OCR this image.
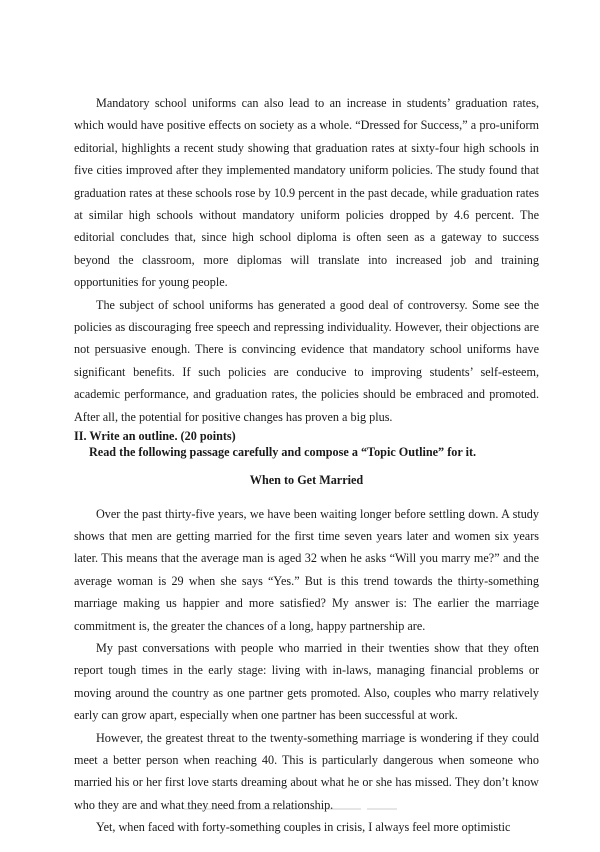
Mandatory school uniforms can also lead to an increase in students’ graduation rates, which would have positive effects on society as a whole. “Dressed for Success,” a pro-uniform editorial, highlights a recent study showing that graduation rates at sixty-four high schools in five cities improved after they implemented mandatory uniform policies. The study found that graduation rates at these schools rose by 10.9 percent in the past decade, while graduation rates at similar high schools without mandatory uniform policies dropped by 4.6 percent. The editorial concludes that, since high school diploma is often seen as a gateway to success beyond the classroom, more diplomas will translate into increased job and training opportunities for young people.

The subject of school uniforms has generated a good deal of controversy. Some see the policies as discouraging free speech and repressing individuality. However, their objections are not persuasive enough. There is convincing evidence that mandatory school uniforms have significant benefits. If such policies are conducive to improving students’ self-esteem, academic performance, and graduation rates, the policies should be embraced and promoted. After all, the potential for positive changes has proven a big plus.

II. Write an outline. (20 points)

Read the following passage carefully and compose a “Topic Outline” for it.

When to Get Married

Over the past thirty-five years, we have been waiting longer before settling down. A study shows that men are getting married for the first time seven years later and women six years later. This means that the average man is aged 32 when he asks “Will you marry me?” and the average woman is 29 when she says “Yes.” But is this trend towards the thirty-something marriage making us happier and more satisfied? My answer is: The earlier the marriage commitment is, the greater the chances of a long, happy partnership are.

My past conversations with people who married in their twenties show that they often report tough times in the early stage: living with in-laws, managing financial problems or moving around the country as one partner gets promoted. Also, couples who marry relatively early can grow apart, especially when one partner has been successful at work.

However, the greatest threat to the twenty-something marriage is wondering if they could meet a better person when reaching 40. This is particularly dangerous when someone who married his or her first love starts dreaming about what he or she has missed. They don’t know who they are and what they need from a relationship.

Yet, when faced with forty-something couples in crisis, I always feel more optimistic
